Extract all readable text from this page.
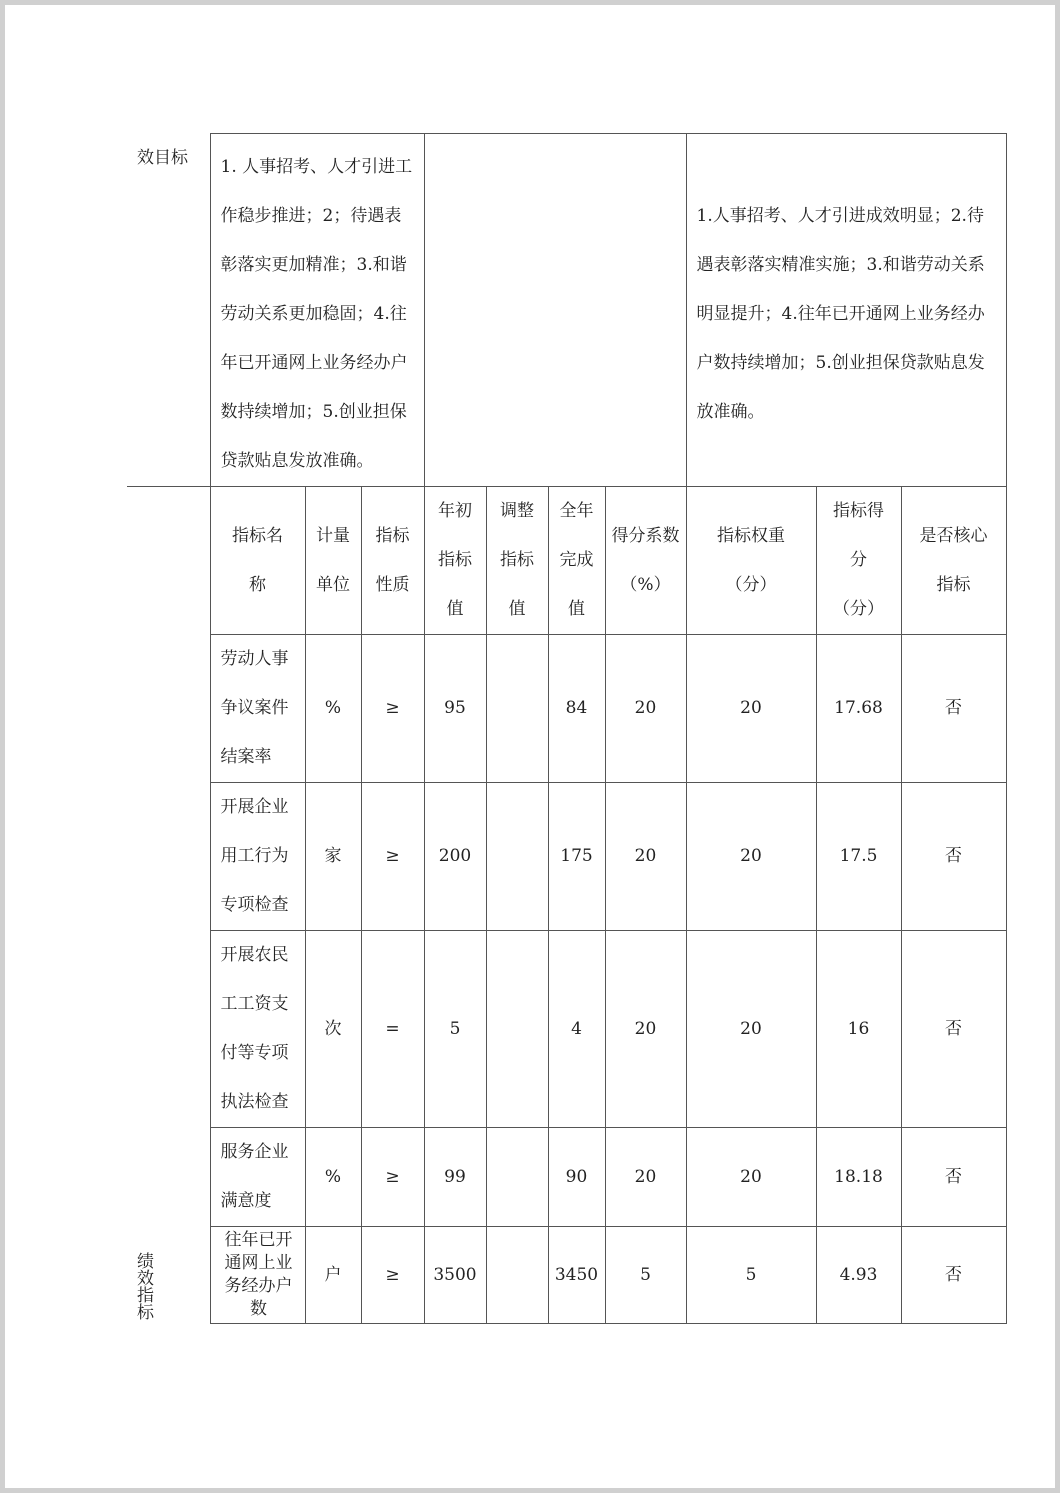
效目标	1. 人事招考、人才引进工作稳步推进；2；待遇表彰落实更加精准；3.和谐劳动关系更加稳固；4.往年已开通网上业务经办户数持续增加；5.创业担保贷款贴息发放准确。							1.人事招考、人才引进成效明显；2.待遇表彰落实精准实施；3.和谐劳动关系明显提升；4.往年已开通网上业务经办户数持续增加；5.创业担保贷款贴息发放准确。		

绩效指标	指标名称	计量单位	指标性质	年初指标值	调整指标值	全年完成值	得分系数（%）	指标权重（分）	指标得分（分）	是否核心指标
	劳动人事争议案件结案率	%	≥	95		84	20	20	17.68	否
	开展企业用工行为专项检查	家	≥	200		175	20	20	17.5	否
	开展农民工工资支付等专项执法检查	次	=	5		4	20	20	16	否
	服务企业满意度	%	≥	99		90	20	20	18.18	否
	往年已开通网上业务经办户数	户	≥	3500		3450	5	5	4.93	否
